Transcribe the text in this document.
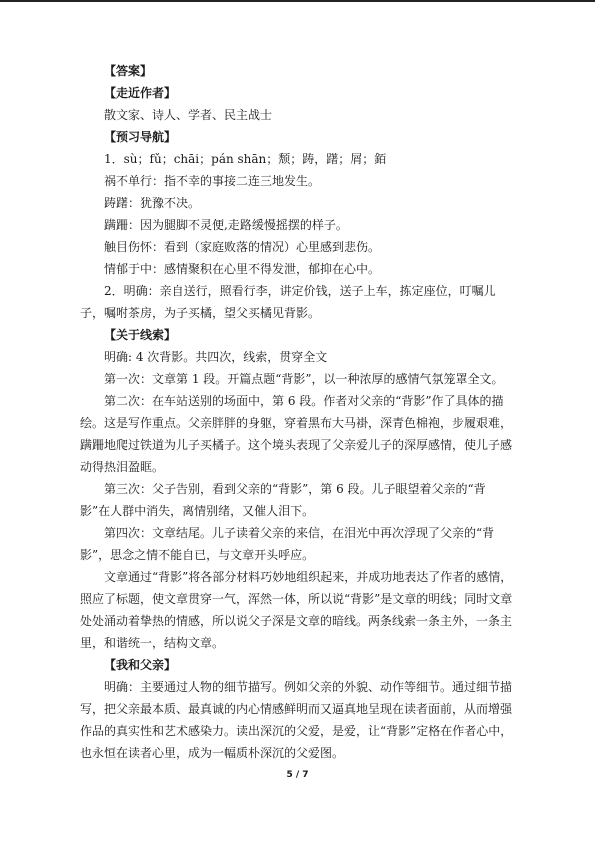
【答案】

【走近作者】

散文家、诗人、学者、民主战士

【预习导航】

1．sù；fǔ；chāi；pán shān；颓；踌，躇；屑；銆

祸不单行：指不幸的事接二连三地发生。

踌躇：犹豫不决。

蹒跚：因为腿脚不灵便,走路缓慢摇摆的样子。

触目伤怀：看到（家庭败落的情况）心里感到悲伤。

情郁于中：感情聚积在心里不得发泄，郁抑在心中。

2．明确：亲自送行，照看行李，讲定价钱，送子上车，拣定座位，叮嘱儿子，嘱咐茶房，为子买橘，望父买橘见背影。

【关于线索】

明确: 4 次背影。共四次，线索，贯穿全文

第一次：文章第 1 段。开篇点题“背影”，以一种浓厚的感情气氛笼罩全文。

第二次：在车站送别的场面中，第 6 段。作者对父亲的“背影”作了具体的描绘。这是写作重点。父亲胖胖的身躯，穿着黑布大马褂，深青色棉袍，步履艰难，蹒跚地爬过铁道为儿子买橘子。这个境头表现了父亲爱儿子的深厚感情，使儿子感动得热泪盈眶。

第三次：父子告别，看到父亲的“背影”，第 6 段。儿子眼望着父亲的“背影”在人群中消失，离情别绪，又催人泪下。

第四次：文章结尾。儿子读着父亲的来信，在泪光中再次浮现了父亲的“背影”，思念之情不能自已，与文章开头呼应。

文章通过“背影”将各部分材料巧妙地组织起来，并成功地表达了作者的感情，照应了标题，使文章贯穿一气，浑然一体，所以说“背影”是文章的明线；同时文章处处涌动着挚热的情感，所以说父子深是文章的暗线。两条线索一条主外，一条主里，和谐统一，结构文章。

【我和父亲】

明确：主要通过人物的细节描写。例如父亲的外貌、动作等细节。通过细节描写，把父亲最本质、最真诚的内心情感鲜明而又逼真地呈现在读者面前，从而增强作品的真实性和艺术感染力。读出深沉的父爱，是爱，让“背影”定格在作者心中，也永恒在读者心里，成为一幅质朴深沉的父爱图。

5 / 7
